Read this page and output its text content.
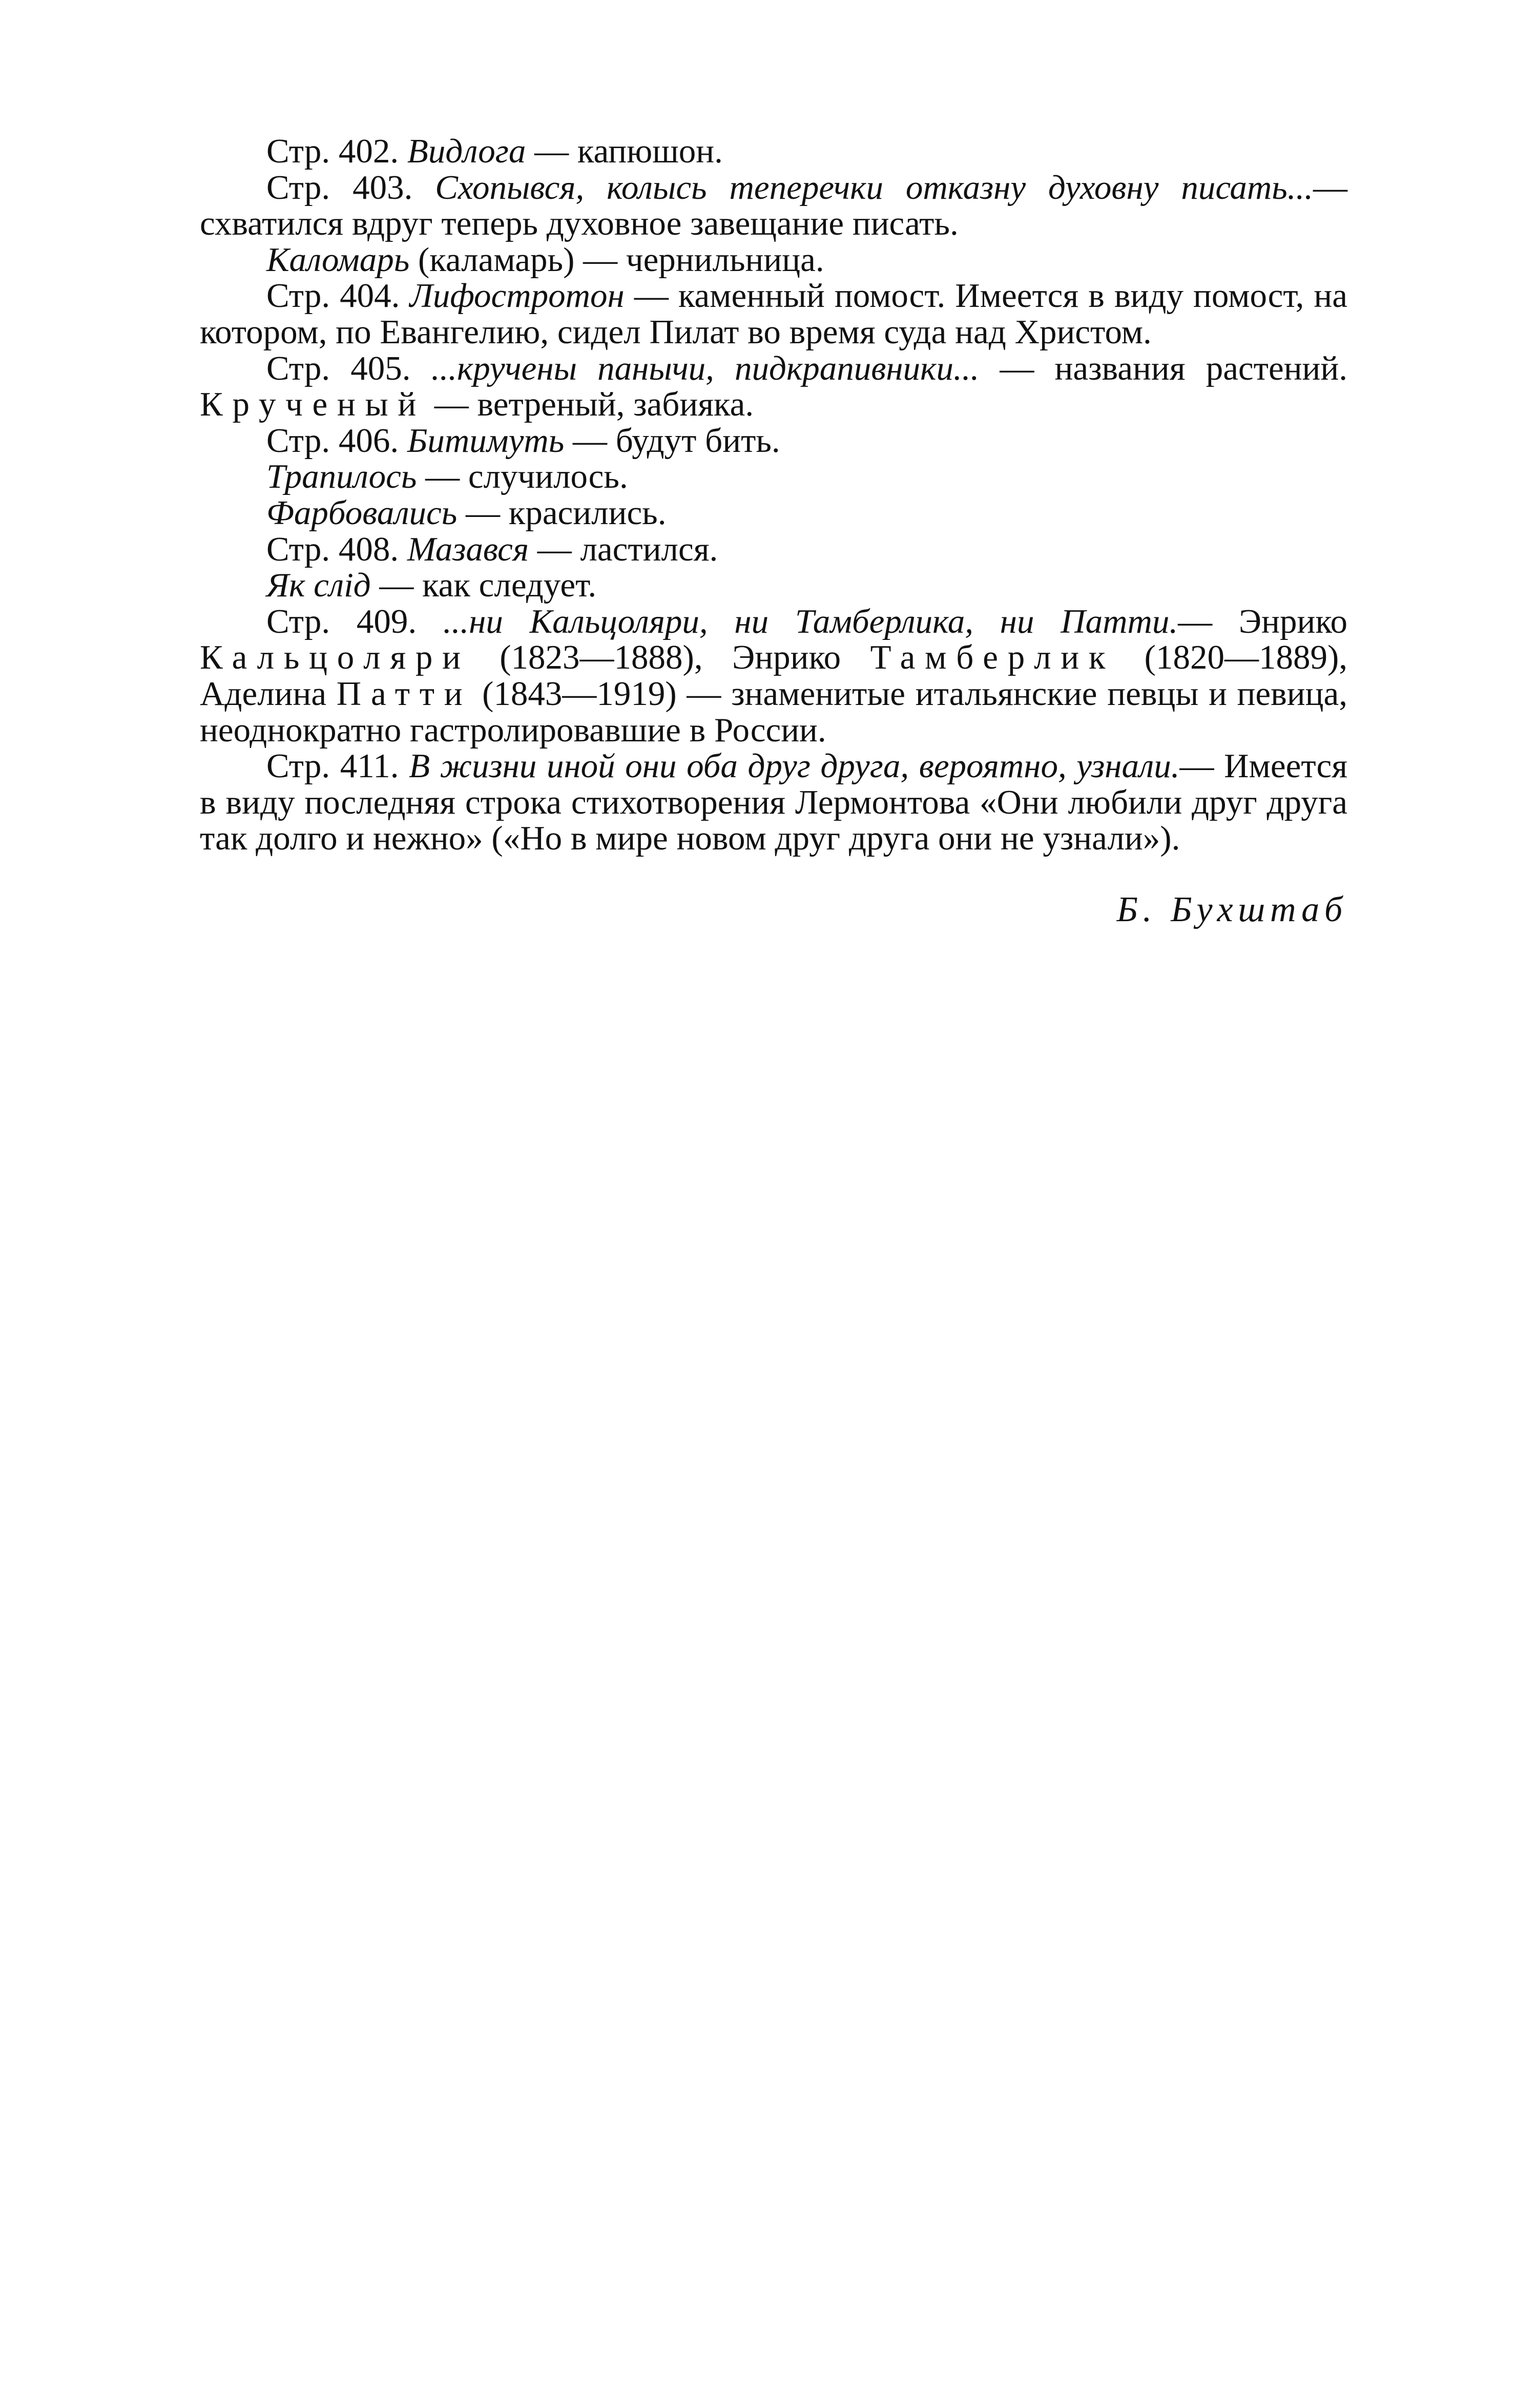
Стр. 402. Видлога — капюшон.

Стр. 403. Схопывся, колысь теперечки отказну духовну писать...— схватился вдруг теперь духовное завещание писать.

Каломарь (каламарь) — чернильница.

Стр. 404. Лифостротон — каменный помост. Имеется в виду помост, на котором, по Евангелию, сидел Пилат во время суда над Христом.

Стр. 405. ...кручены панычи, пидкрапивники... — названия растений. Крученый — ветреный, забияка.

Стр. 406. Битимуть — будут бить.

Трапилось — случилось.

Фарбовались — красились.

Стр. 408. Мазався — ластился.

Як слід — как следует.

Стр. 409. ...ни Кальцоляри, ни Тамберлика, ни Патти.— Энрико Кальцоляри (1823—1888), Энрико Тамберлик (1820—1889), Аделина Патти (1843—1919) — знаменитые итальянские певцы и певица, неоднократно гастролировавшие в России.

Стр. 411. В жизни иной они оба друг друга, вероятно, узнали.— Имеется в виду последняя строка стихотворения Лермонтова «Они любили друг друга так долго и нежно» («Но в мире новом друг друга они не узнали»).

Б. Бухштаб
